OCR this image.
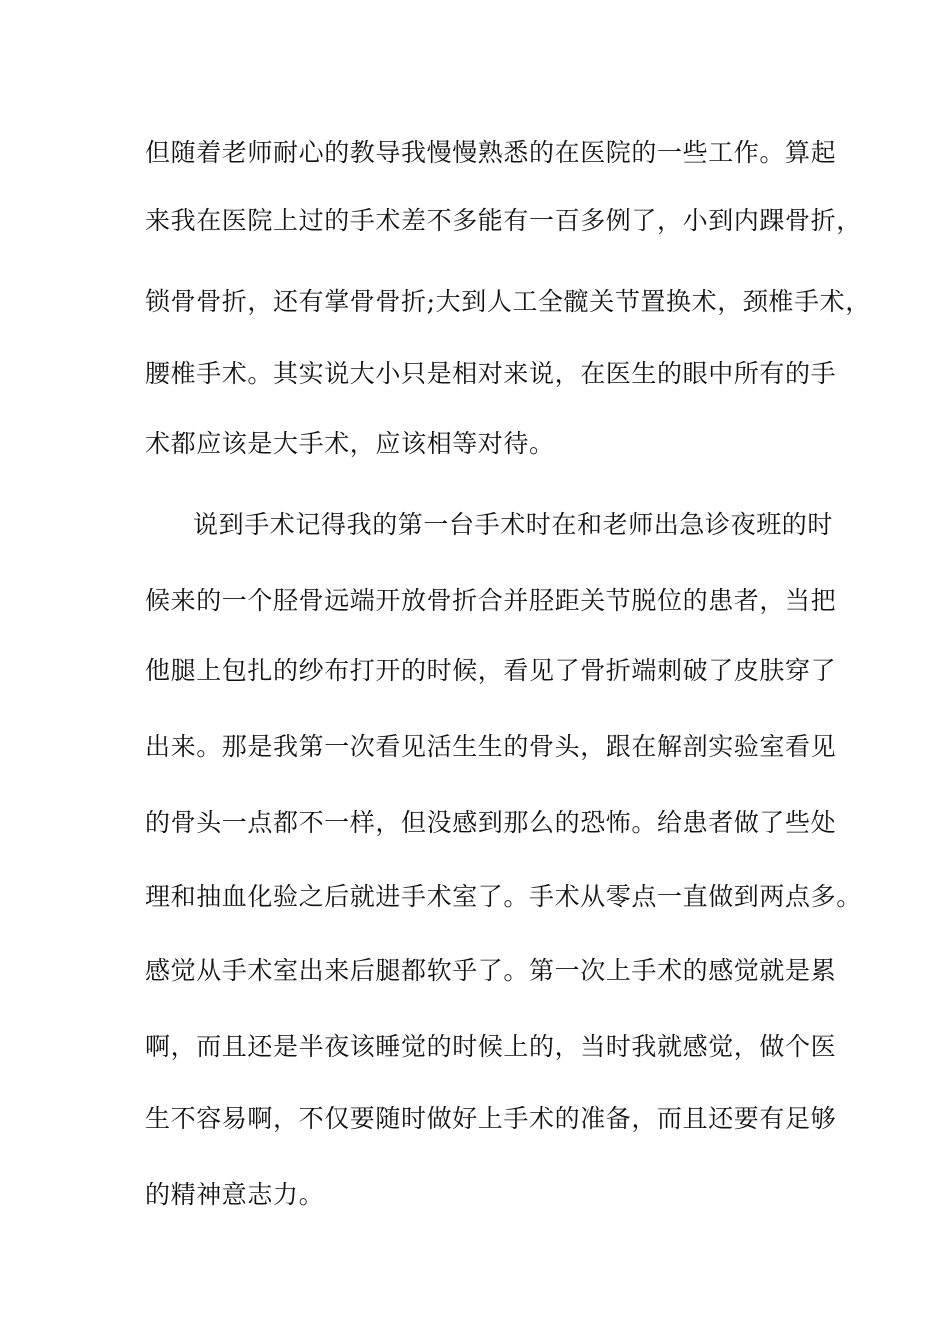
但随着老师耐心的教导我慢慢熟悉的在医院的一些工作。算起

来我在医院上过的手术差不多能有一百多例了，小到内踝骨折，

锁骨骨折，还有掌骨骨折;大到人工全髋关节置换术，颈椎手术，

腰椎手术。其实说大小只是相对来说，在医生的眼中所有的手

术都应该是大手术，应该相等对待。

说到手术记得我的第一台手术时在和老师出急诊夜班的时

候来的一个胫骨远端开放骨折合并胫距关节脱位的患者，当把

他腿上包扎的纱布打开的时候，看见了骨折端刺破了皮肤穿了

出来。那是我第一次看见活生生的骨头，跟在解剖实验室看见

的骨头一点都不一样，但没感到那么的恐怖。给患者做了些处

理和抽血化验之后就进手术室了。手术从零点一直做到两点多。

感觉从手术室出来后腿都软乎了。第一次上手术的感觉就是累

啊，而且还是半夜该睡觉的时候上的，当时我就感觉，做个医

生不容易啊，不仅要随时做好上手术的准备，而且还要有足够

的精神意志力。
